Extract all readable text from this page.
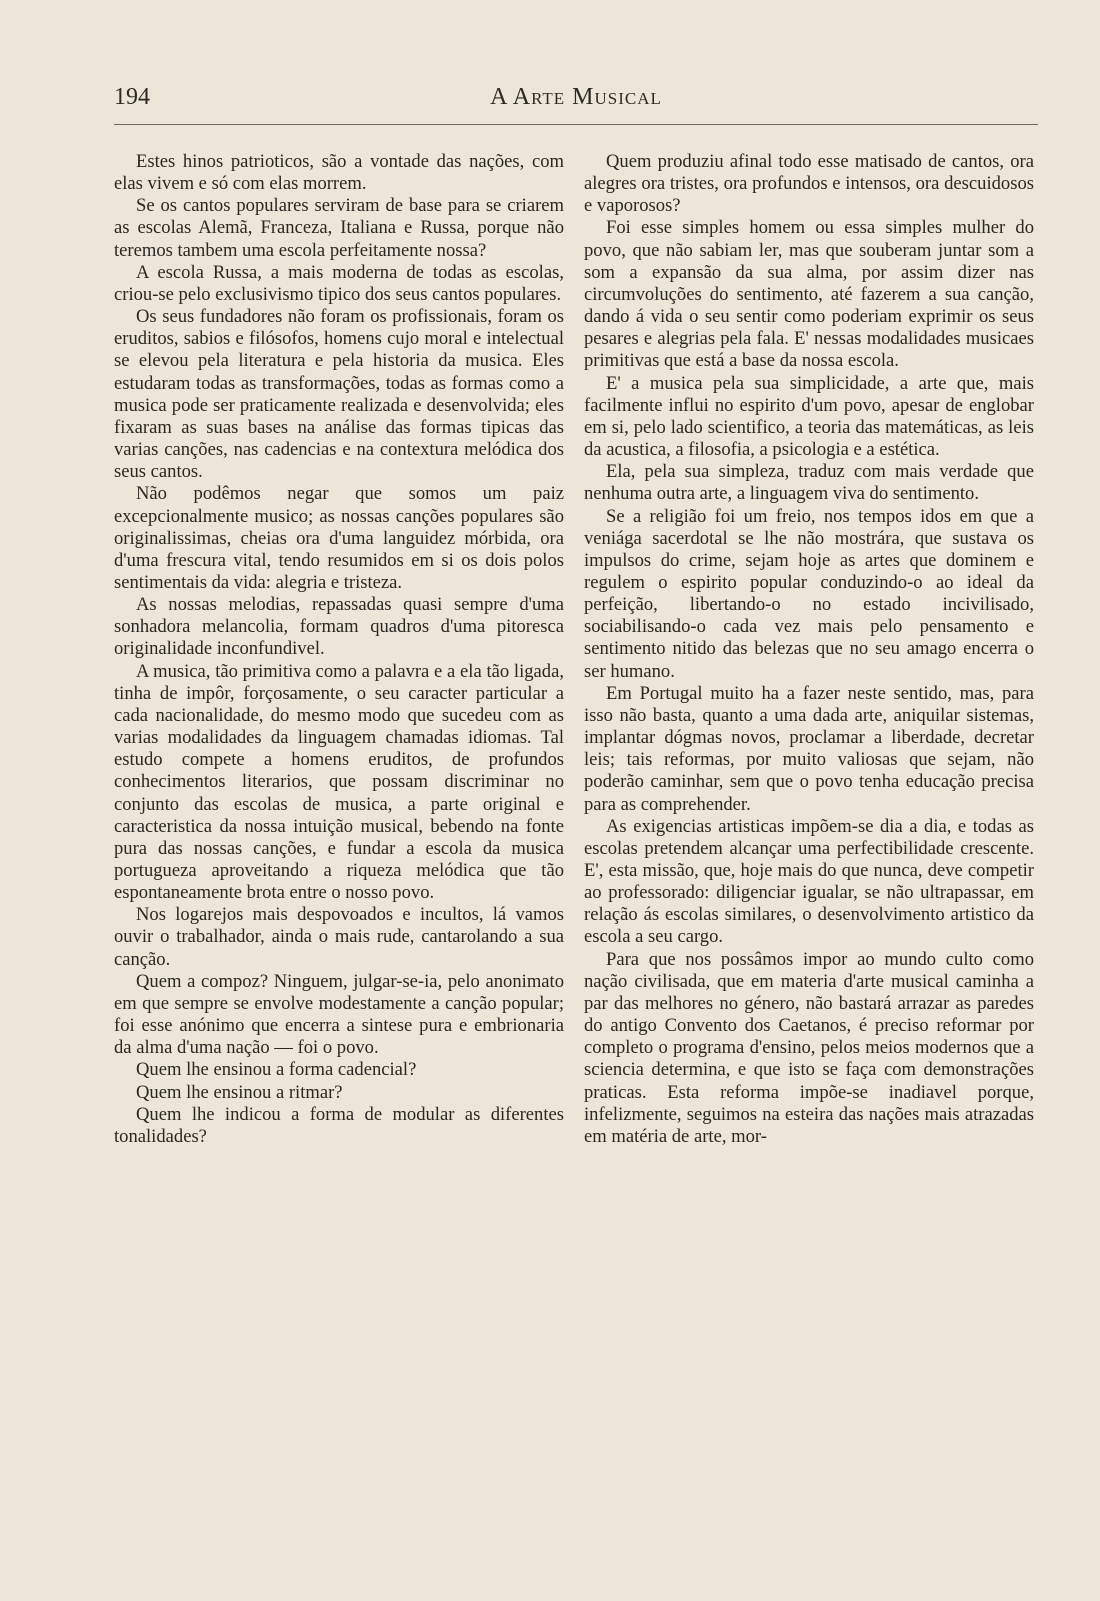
194	A Arte Musical

Estes hinos patrioticos, são a vontade das nações, com elas vivem e só com elas morrem.

Se os cantos populares serviram de base para se criarem as escolas Alemã, Franceza, Italiana e Russa, porque não teremos tambem uma escola perfeitamente nossa?

A escola Russa, a mais moderna de todas as escolas, criou-se pelo exclusivismo tipico dos seus cantos populares.

Os seus fundadores não foram os profissionais, foram os eruditos, sabios e filósofos, homens cujo moral e intelectual se elevou pela literatura e pela historia da musica. Eles estudaram todas as transformações, todas as formas como a musica pode ser praticamente realizada e desenvolvida; eles fixaram as suas bases na análise das formas tipicas das varias canções, nas cadencias e na contextura melódica dos seus cantos.

Não podêmos negar que somos um paiz excepcionalmente musico; as nossas canções populares são originalissimas, cheias ora d'uma languidez mórbida, ora d'uma frescura vital, tendo resumidos em si os dois polos sentimentais da vida: alegria e tristeza.

As nossas melodias, repassadas quasi sempre d'uma sonhadora melancolia, formam quadros d'uma pitoresca originalidade inconfundivel.

A musica, tão primitiva como a palavra e a ela tão ligada, tinha de impôr, forçosamente, o seu caracter particular a cada nacionalidade, do mesmo modo que sucedeu com as varias modalidades da linguagem chamadas idiomas. Tal estudo compete a homens eruditos, de profundos conhecimentos literarios, que possam discriminar no conjunto das escolas de musica, a parte original e caracteristica da nossa intuição musical, bebendo na fonte pura das nossas canções, e fundar a escola da musica portugueza aproveitando a riqueza melódica que tão espontaneamente brota entre o nosso povo.

Nos logarejos mais despovoados e incultos, lá vamos ouvir o trabalhador, ainda o mais rude, cantarolando a sua canção.

Quem a compoz? Ninguem, julgar-se-ia, pelo anonimato em que sempre se envolve modestamente a canção popular; foi esse anónimo que encerra a sintese pura e embrionaria da alma d'uma nação — foi o povo.

Quem lhe ensinou a forma cadencial?

Quem lhe ensinou a ritmar?

Quem lhe indicou a forma de modular as diferentes tonalidades?

Quem produziu afinal todo esse matisado de cantos, ora alegres ora tristes, ora profundos e intensos, ora descuidosos e vaporosos?

Foi esse simples homem ou essa simples mulher do povo, que não sabiam ler, mas que souberam juntar som a som a expansão da sua alma, por assim dizer nas circumvoluções do sentimento, até fazerem a sua canção, dando á vida o seu sentir como poderiam exprimir os seus pesares e alegrias pela fala. E' nessas modalidades musicaes primitivas que está a base da nossa escola.

E' a musica pela sua simplicidade, a arte que, mais facilmente influi no espirito d'um povo, apesar de englobar em si, pelo lado scientifico, a teoria das matemáticas, as leis da acustica, a filosofia, a psicologia e a estética.

Ela, pela sua simpleza, traduz com mais verdade que nenhuma outra arte, a linguagem viva do sentimento.

Se a religião foi um freio, nos tempos idos em que a veniága sacerdotal se lhe não mostrára, que sustava os impulsos do crime, sejam hoje as artes que dominem e regulem o espirito popular conduzindo-o ao ideal da perfeição, libertando-o no estado incivilisado, sociabilisando-o cada vez mais pelo pensamento e sentimento nitido das belezas que no seu amago encerra o ser humano.

Em Portugal muito ha a fazer neste sentido, mas, para isso não basta, quanto a uma dada arte, aniquilar sistemas, implantar dógmas novos, proclamar a liberdade, decretar leis; tais reformas, por muito valiosas que sejam, não poderão caminhar, sem que o povo tenha educação precisa para as comprehender.

As exigencias artisticas impõem-se dia a dia, e todas as escolas pretendem alcançar uma perfectibilidade crescente. E', esta missão, que, hoje mais do que nunca, deve competir ao professorado: diligenciar igualar, se não ultrapassar, em relação ás escolas similares, o desenvolvimento artistico da escola a seu cargo.

Para que nos possâmos impor ao mundo culto como nação civilisada, que em materia d'arte musical caminha a par das melhores no género, não bastará arrazar as paredes do antigo Convento dos Caetanos, é preciso reformar por completo o programa d'ensino, pelos meios modernos que a sciencia determina, e que isto se faça com demonstrações praticas. Esta reforma impõe-se inadiavel porque, infelizmente, seguimos na esteira das nações mais atrazadas em matéria de arte, mor-
